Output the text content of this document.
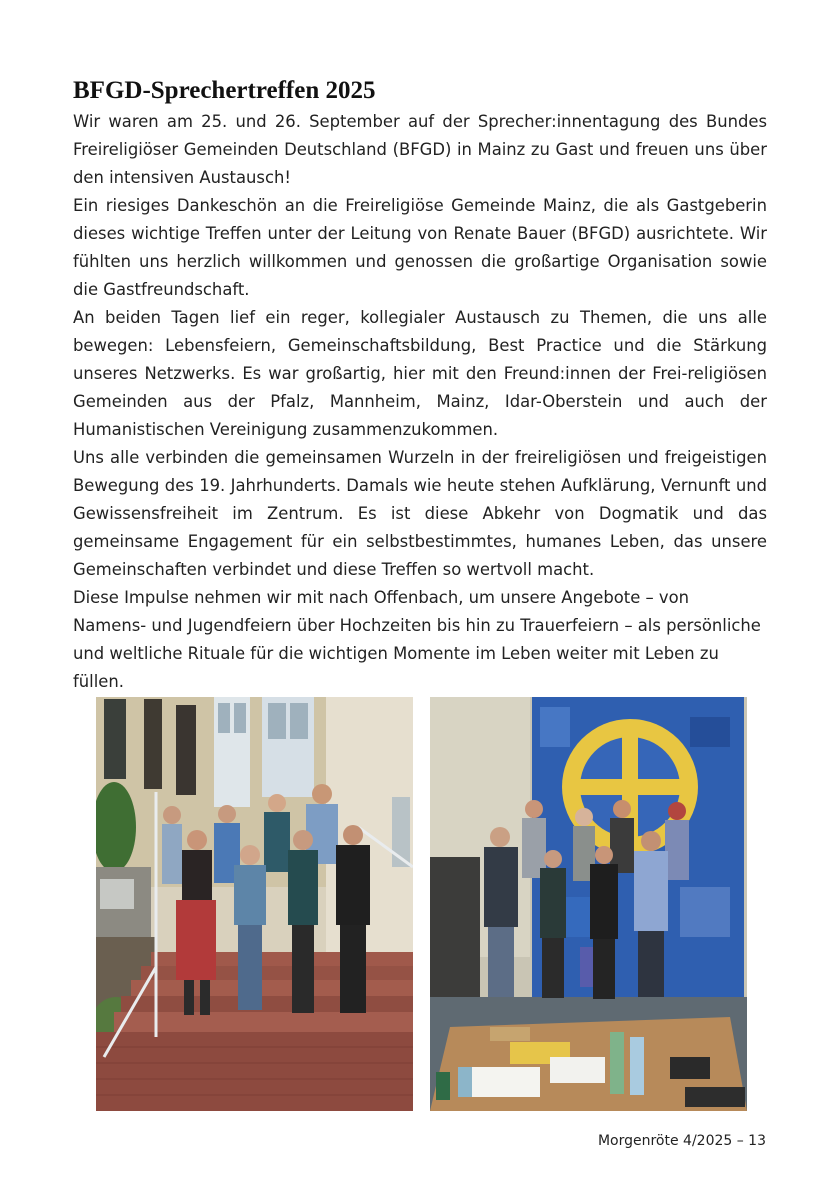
BFGD-Sprechertreffen 2025

Wir waren am 25. und 26. September auf der Sprecher:innentagung des Bundes Freireligiöser Gemeinden Deutschland (BFGD) in Mainz zu Gast und freuen uns über den intensiven Austausch!

Ein riesiges Dankeschön an die Freireligiöse Gemeinde Mainz, die als Gastgeberin dieses wichtige Treffen unter der Leitung von Renate Bauer (BFGD) ausrichtete. Wir fühlten uns herzlich willkommen und genossen die großartige Organisation sowie die Gastfreundschaft.

An beiden Tagen lief ein reger, kollegialer Austausch zu Themen, die uns alle bewegen: Lebensfeiern, Gemeinschaftsbildung, Best Practice und die Stärkung unseres Netzwerks. Es war großartig, hier mit den Freund:innen der Frei-religiösen Gemeinden aus der Pfalz, Mannheim, Mainz, Idar-Oberstein und auch der Humanistischen Vereinigung zusammenzukommen.

Uns alle verbinden die gemeinsamen Wurzeln in der freireligiösen und freigeistigen Bewegung des 19. Jahrhunderts. Damals wie heute stehen Aufklärung, Vernunft und Gewissensfreiheit im Zentrum. Es ist diese Abkehr von Dogmatik und das gemeinsame Engagement für ein selbstbestimmtes, humanes Leben, das unsere Gemeinschaften verbindet und diese Treffen so wertvoll macht.

Diese Impulse nehmen wir mit nach Offenbach, um unsere Angebote – von Namens- und Jugendfeiern über Hochzeiten bis hin zu Trauerfeiern – als persönliche und weltliche Rituale für die wichtigen Momente im Leben weiter mit Leben zu füllen.

Morgenröte 4/2025 – 13
